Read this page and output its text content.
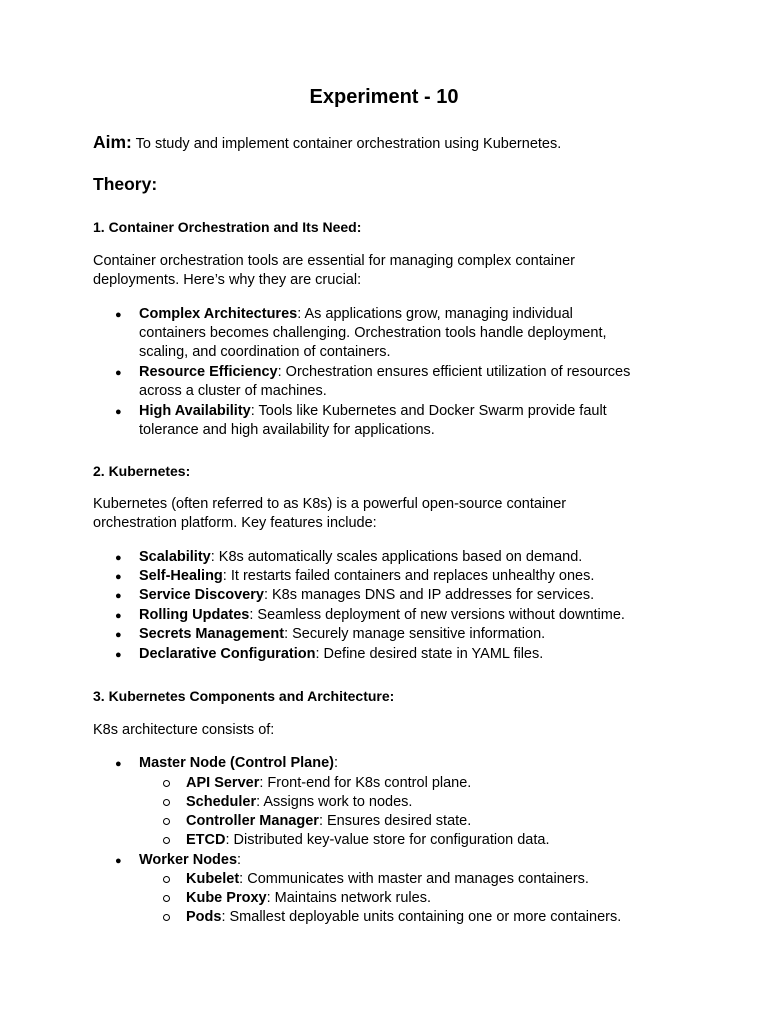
Experiment - 10
Aim: To study and implement container orchestration using Kubernetes.
Theory:
1. Container Orchestration and Its Need:
Container orchestration tools are essential for managing complex container
deployments. Here’s why they are crucial:
● Complex Architectures: As applications grow, managing individual
containers becomes challenging. Orchestration tools handle deployment,
scaling, and coordination of containers.
● Resource Efficiency: Orchestration ensures efficient utilization of resources
across a cluster of machines.
● High Availability: Tools like Kubernetes and Docker Swarm provide fault
tolerance and high availability for applications.
2. Kubernetes:
Kubernetes (often referred to as K8s) is a powerful open-source container
orchestration platform. Key features include:
● Scalability: K8s automatically scales applications based on demand.
● Self-Healing: It restarts failed containers and replaces unhealthy ones.
● Service Discovery: K8s manages DNS and IP addresses for services.
● Rolling Updates: Seamless deployment of new versions without downtime.
● Secrets Management: Securely manage sensitive information.
● Declarative Configuration: Define desired state in YAML files.
3. Kubernetes Components and Architecture:
K8s architecture consists of:
● Master Node (Control Plane):
API Server: Front-end for K8s control plane.
Scheduler: Assigns work to nodes.
Controller Manager: Ensures desired state.
ETCD: Distributed key-value store for configuration data.
● Worker Nodes:
Kubelet: Communicates with master and manages containers.
Kube Proxy: Maintains network rules.
Pods: Smallest deployable units containing one or more containers.
